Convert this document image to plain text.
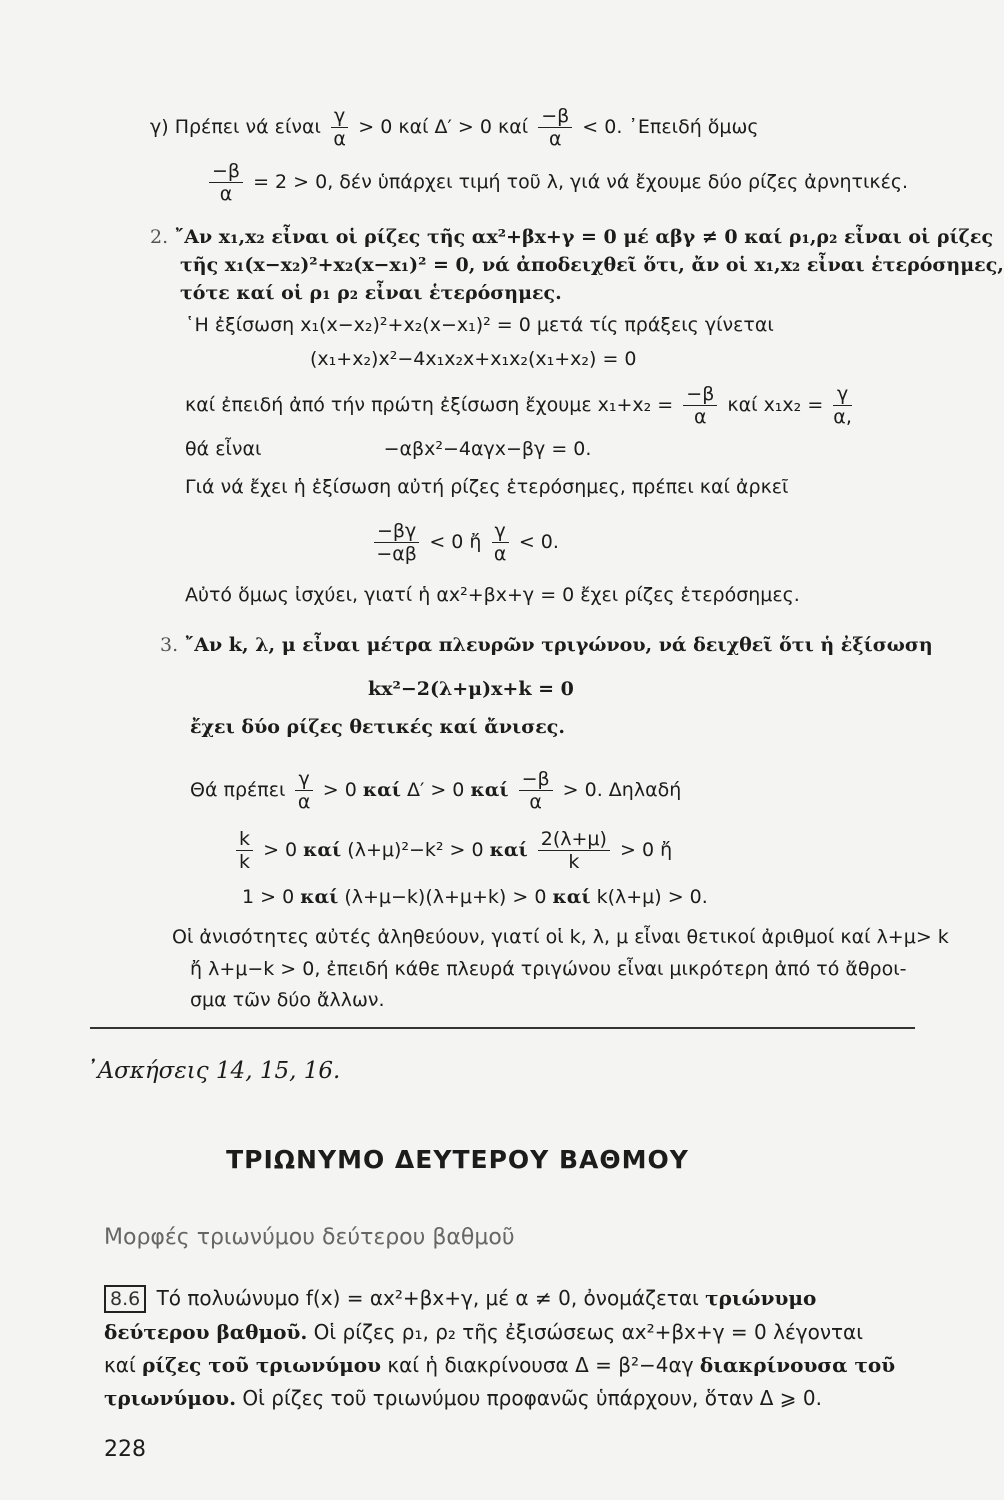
γ) Πρέπει νά είναι $\frac{\gamma}{\alpha} > 0$ καί Δ′ > 0 καί $\frac{-\beta}{\alpha} < 0$. ᾽Επειδή ὅμως
$\frac{-\beta}{\alpha} = 2 > 0$, δέν ὑπάρχει τιμή τοῦ λ, γιά νά ἔχουμε δύο ρίζες ἀρνητικές.
2. ῎Αν x₁,x₂ εἶναι οἱ ρίζες τῆς αx²+βx+γ = 0 μέ αβγ ≠ 0 καί ρ₁,ρ₂ εἶναι οἱ ρίζες
τῆς x₁(x−x₂)²+x₂(x−x₁)² = 0, νά ἀποδειχθεῖ ὅτι, ἄν οἱ x₁,x₂ εἶναι ἑτερόσημες,
τότε καί οἱ ρ₁ ρ₂ εἶναι ἑτερόσημες.
῾Η ἐξίσωση x₁(x−x₂)²+x₂(x−x₁)² = 0 μετά τίς πράξεις γίνεται
(x₁+x₂)x²−4x₁x₂x+x₁x₂(x₁+x₂) = 0
καί ἐπειδή ἀπό τήν πρώτη ἐξίσωση ἔχουμε $x_1+x_2 = \frac{-\beta}{\alpha}$ καί $x_1x_2 = \frac{\gamma}{\alpha,}$
θά εἶναι	−αβx²−4αγx−βγ = 0.
Γιά νά ἔχει ἡ ἐξίσωση αὐτή ρίζες ἑτερόσημες, πρέπει καί ἀρκεῖ
$\frac{-\beta\gamma}{-\alpha\beta} < 0$ ἤ $\frac{\gamma}{\alpha} < 0$.
Αὐτό ὅμως ἰσχύει, γιατί ἡ αx²+βx+γ = 0 ἔχει ρίζες ἑτερόσημες.
3. ῎Αν k, λ, μ εἶναι μέτρα πλευρῶν τριγώνου, νά δειχθεῖ ὅτι ἡ ἐξίσωση
kx²−2(λ+μ)x+k = 0
ἔχει δύο ρίζες θετικές καί ἄνισες.
Θά πρέπει $\frac{\gamma}{\alpha} > 0$ καί Δ′ > 0 καί $\frac{-\beta}{\alpha} > 0$. Δηλαδή
$\frac{k}{k} > 0$ καί (λ+μ)²−k² > 0 καί $\frac{2(\lambda+\mu)}{k} > 0$ ἤ
1 > 0 καί (λ+μ−k)(λ+μ+k) > 0 καί k(λ+μ) > 0.
Οἱ ἀνισότητες αὐτές ἀληθεύουν, γιατί οἱ k, λ, μ εἶναι θετικοί ἀριθμοί καί λ+μ> k
ἤ λ+μ−k > 0, ἐπειδή κάθε πλευρά τριγώνου εἶναι μικρότερη ἀπό τό ἄθροι-
σμα τῶν δύο ἄλλων.
᾽Ασκήσεις 14, 15, 16.
ΤΡΙΩΝΥΜΟ ΔΕΥΤΕΡΟΥ ΒΑΘΜΟΥ
Μορφές τριωνύμου δεύτερου βαθμοῦ
8.6 Τό πολυώνυμο f(x) = αx²+βx+γ, μέ α ≠ 0, ὀνομάζεται τριώνυμο
δεύτερου βαθμοῦ. Οἱ ρίζες ρ₁, ρ₂ τῆς ἐξισώσεως αx²+βx+γ = 0 λέγονται
καί ρίζες τοῦ τριωνύμου καί ἡ διακρίνουσα Δ = β²−4αγ διακρίνουσα τοῦ
τριωνύμου. Οἱ ρίζες τοῦ τριωνύμου προφανῶς ὑπάρχουν, ὅταν Δ ⩾ 0.
228
